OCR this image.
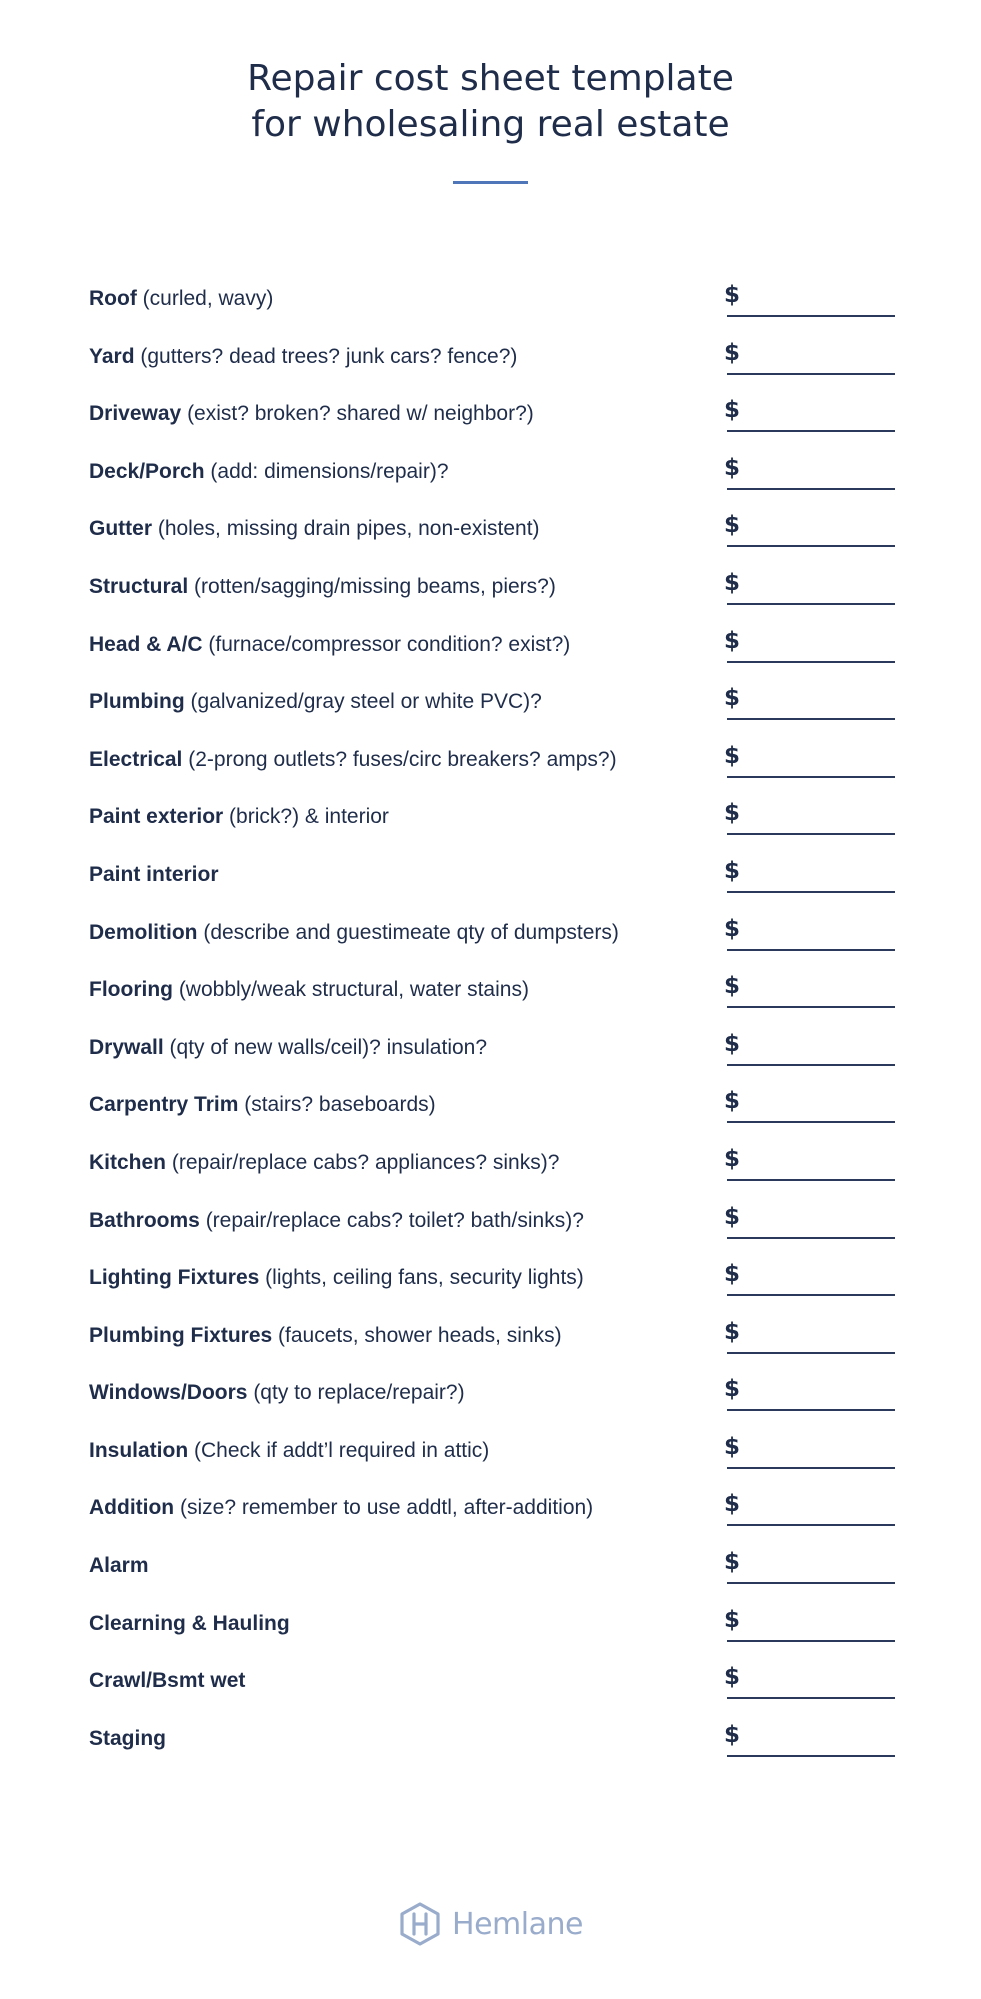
Repair cost sheet template
for wholesaling real estate
Roof (curled, wavy)	$
Yard (gutters? dead trees? junk cars? fence?)	$
Driveway (exist? broken? shared w/ neighbor?)	$
Deck/Porch (add: dimensions/repair)?	$
Gutter (holes, missing drain pipes, non-existent)	$
Structural (rotten/sagging/missing beams, piers?)	$
Head & A/C (furnace/compressor condition? exist?)	$
Plumbing (galvanized/gray steel or white PVC)?	$
Electrical (2-prong outlets? fuses/circ breakers? amps?)	$
Paint exterior (brick?) & interior	$
Paint interior	$
Demolition (describe and guestimeate qty of dumpsters)	$
Flooring (wobbly/weak structural, water stains)	$
Drywall (qty of new walls/ceil)? insulation?	$
Carpentry Trim (stairs? baseboards)	$
Kitchen (repair/replace cabs? appliances? sinks)?	$
Bathrooms (repair/replace cabs? toilet? bath/sinks)?	$
Lighting Fixtures (lights, ceiling fans, security lights)	$
Plumbing Fixtures (faucets, shower heads, sinks)	$
Windows/Doors (qty to replace/repair?)	$
Insulation (Check if addt’l required in attic)	$
Addition (size? remember to use addtl, after-addition)	$
Alarm	$
Clearning & Hauling	$
Crawl/Bsmt wet	$
Staging	$
Hemlane
